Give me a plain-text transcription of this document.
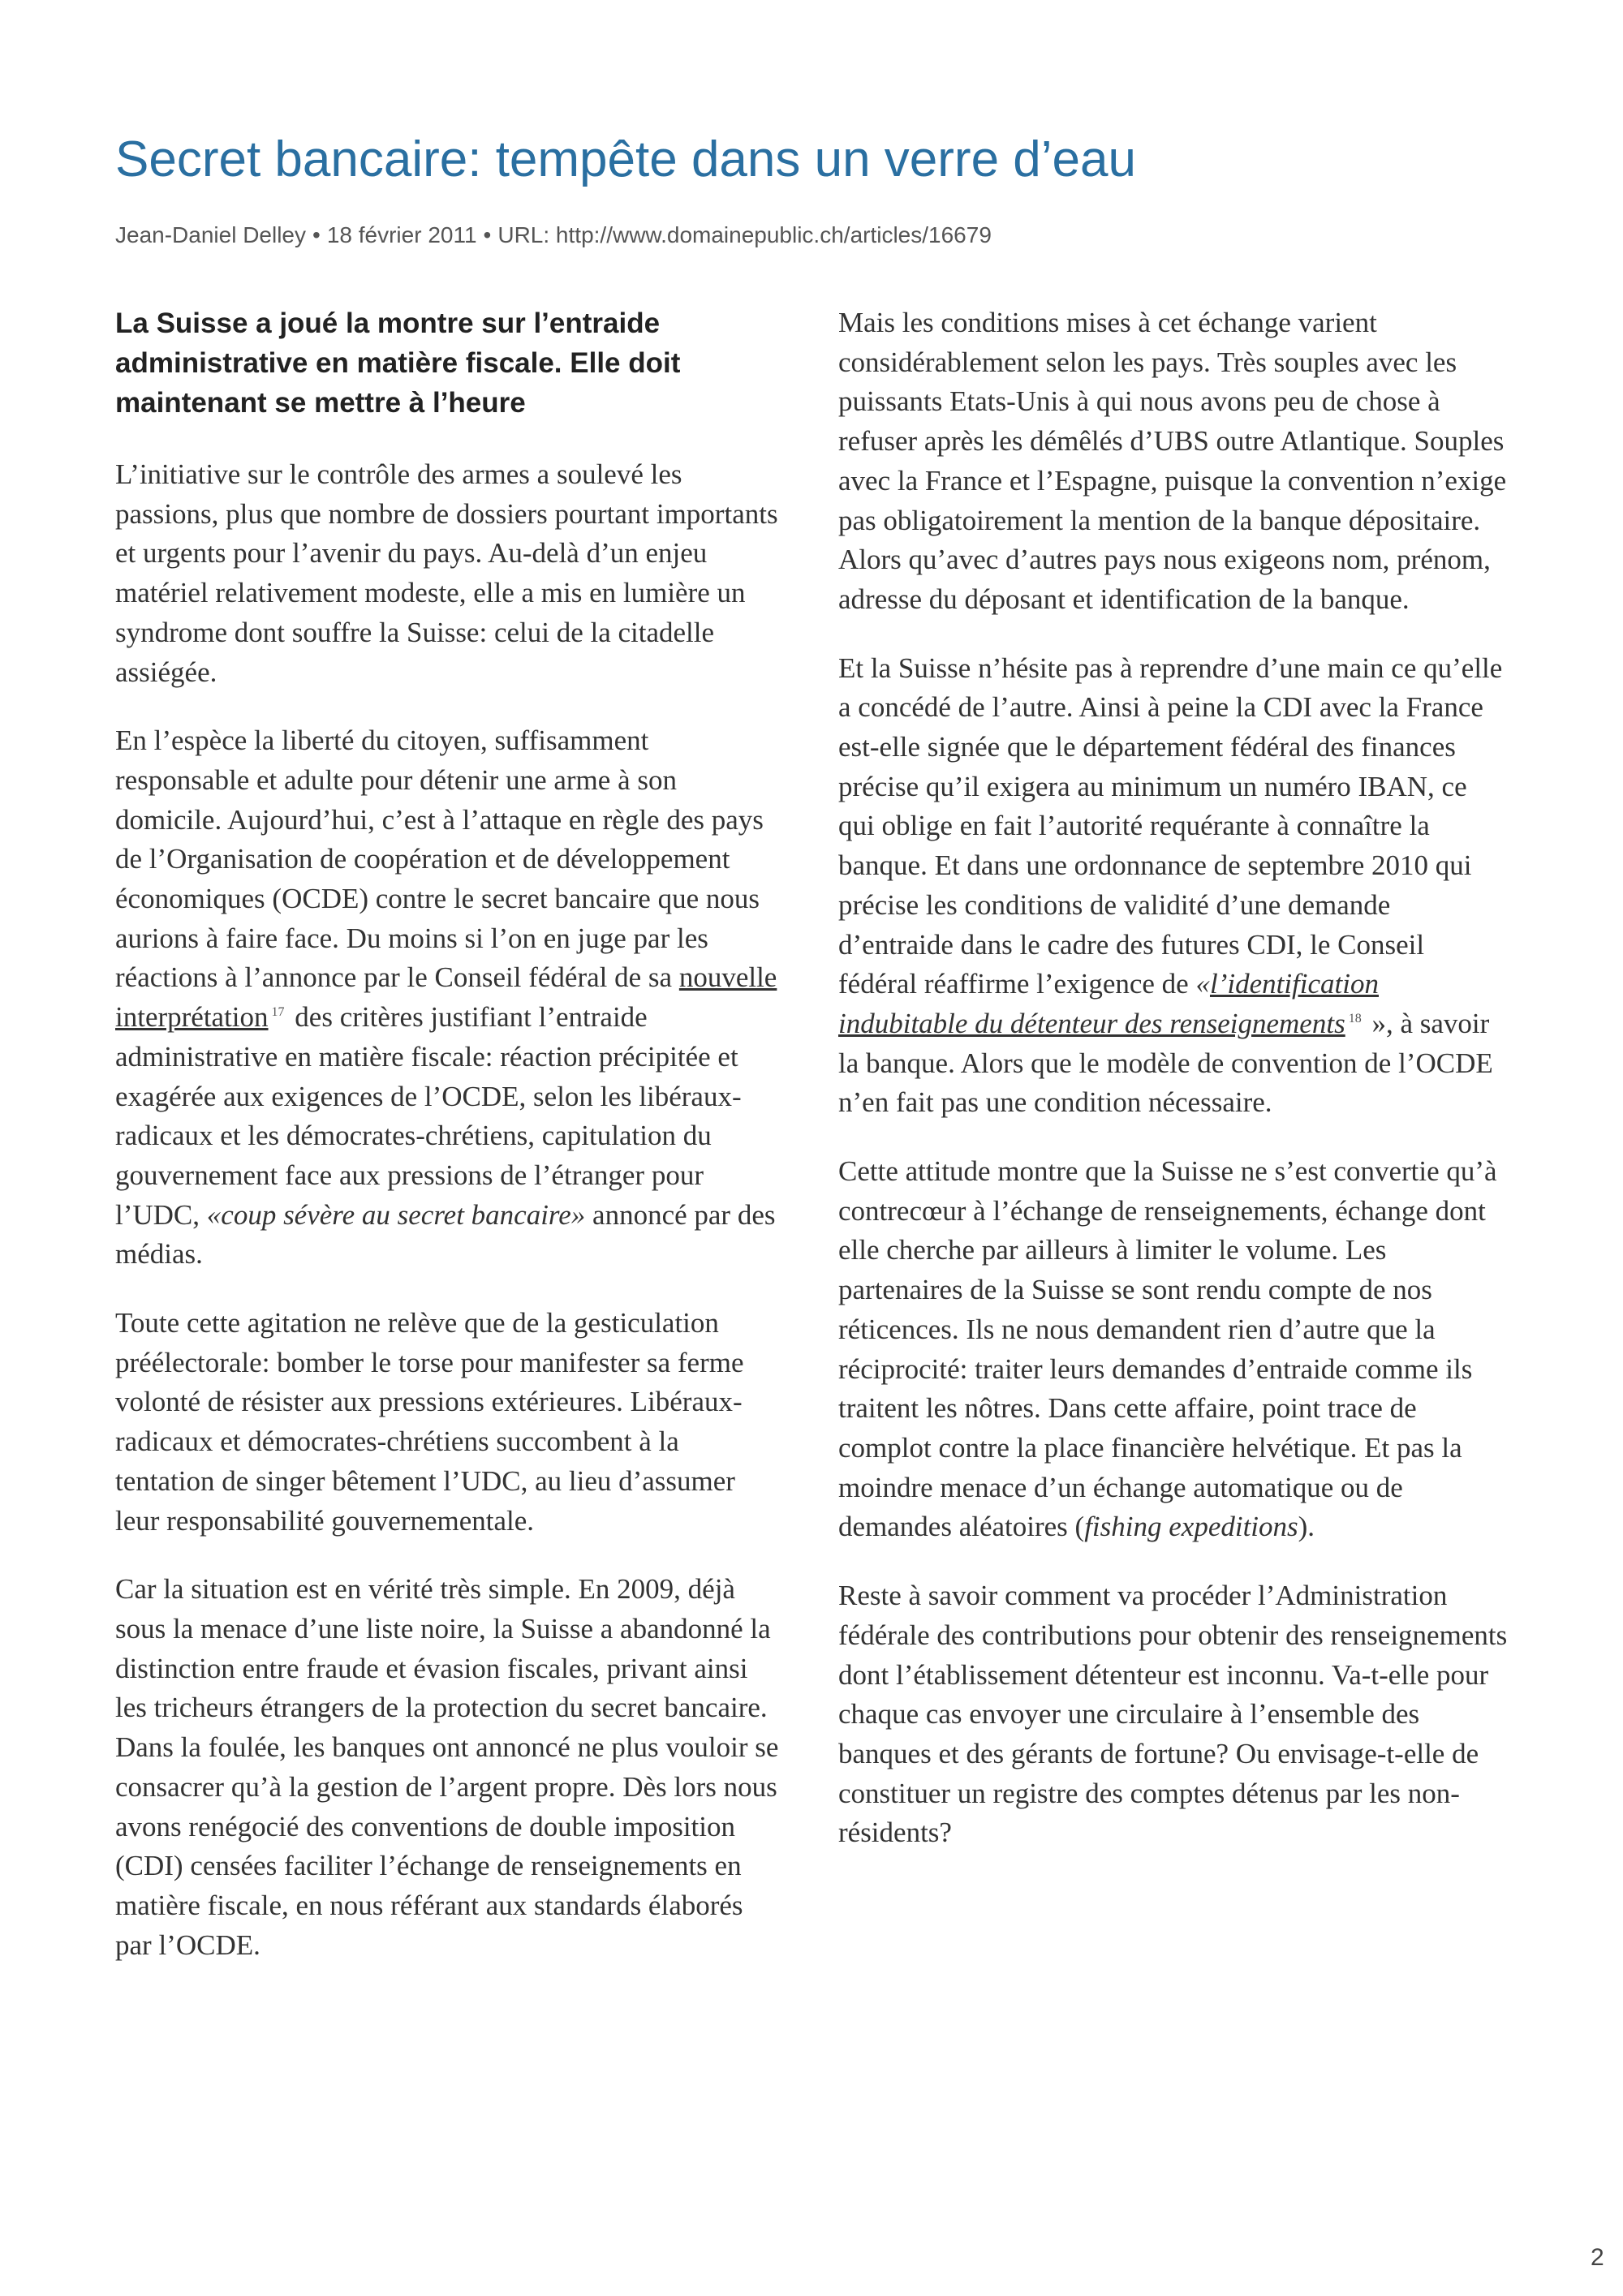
Secret bancaire: tempête dans un verre d’eau
Jean-Daniel Delley • 18 février 2011 • URL: http://www.domainepublic.ch/articles/16679

La Suisse a joué la montre sur l’entraide administrative en matière fiscale. Elle doit maintenant se mettre à l’heure

L’initiative sur le contrôle des armes a soulevé les passions, plus que nombre de dossiers pourtant importants et urgents pour l’avenir du pays. Au-delà d’un enjeu matériel relativement modeste, elle a mis en lumière un syndrome dont souffre la Suisse: celui de la citadelle assiégée.

En l’espèce la liberté du citoyen, suffisamment responsable et adulte pour détenir une arme à son domicile. Aujourd’hui, c’est à l’attaque en règle des pays de l’Organisation de coopération et de développement économiques (OCDE) contre le secret bancaire que nous aurions à faire face. Du moins si l’on en juge par les réactions à l’annonce par le Conseil fédéral de sa nouvelle interprétation $^{17}$ des critères justifiant l’entraide administrative en matière fiscale: réaction précipitée et exagérée aux exigences de l’OCDE, selon les libéraux-radicaux et les démocrates-chrétiens, capitulation du gouvernement face aux pressions de l’étranger pour l’UDC, «coup sévère au secret bancaire» annoncé par des médias.

Toute cette agitation ne relève que de la gesticulation préélectorale: bomber le torse pour manifester sa ferme volonté de résister aux pressions extérieures. Libéraux-radicaux et démocrates-chrétiens succombent à la tentation de singer bêtement l’UDC, au lieu d’assumer leur responsabilité gouvernementale.

Car la situation est en vérité très simple. En 2009, déjà sous la menace d’une liste noire, la Suisse a abandonné la distinction entre fraude et évasion fiscales, privant ainsi les tricheurs étrangers de la protection du secret bancaire. Dans la foulée, les banques ont annoncé ne plus vouloir se consacrer qu’à la gestion de l’argent propre. Dès lors nous avons renégocié des conventions de double imposition (CDI) censées faciliter l’échange de renseignements en matière fiscale, en nous référant aux standards élaborés par l’OCDE.

Mais les conditions mises à cet échange varient considérablement selon les pays. Très souples avec les puissants Etats-Unis à qui nous avons peu de chose à refuser après les démêlés d’UBS outre Atlantique. Souples avec la France et l’Espagne, puisque la convention n’exige pas obligatoirement la mention de la banque dépositaire. Alors qu’avec d’autres pays nous exigeons nom, prénom, adresse du déposant et identification de la banque.

Et la Suisse n’hésite pas à reprendre d’une main ce qu’elle a concédé de l’autre. Ainsi à peine la CDI avec la France est-elle signée que le département fédéral des finances précise qu’il exigera au minimum un numéro IBAN, ce qui oblige en fait l’autorité requérante à connaître la banque. Et dans une ordonnance de septembre 2010 qui précise les conditions de validité d’une demande d’entraide dans le cadre des futures CDI, le Conseil fédéral réaffirme l’exigence de «l’identification indubitable du détenteur des renseignements $^{18}$ », à savoir la banque. Alors que le modèle de convention de l’OCDE n’en fait pas une condition nécessaire.

Cette attitude montre que la Suisse ne s’est convertie qu’à contrecœur à l’échange de renseignements, échange dont elle cherche par ailleurs à limiter le volume. Les partenaires de la Suisse se sont rendu compte de nos réticences. Ils ne nous demandent rien d’autre que la réciprocité: traiter leurs demandes d’entraide comme ils traitent les nôtres. Dans cette affaire, point trace de complot contre la place financière helvétique. Et pas la moindre menace d’un échange automatique ou de demandes aléatoires (fishing expeditions).

Reste à savoir comment va procéder l’Administration fédérale des contributions pour obtenir des renseignements dont l’établissement détenteur est inconnu. Va-t-elle pour chaque cas envoyer une circulaire à l’ensemble des banques et des gérants de fortune? Ou envisage-t-elle de constituer un registre des comptes détenus par les non-résidents?

2
